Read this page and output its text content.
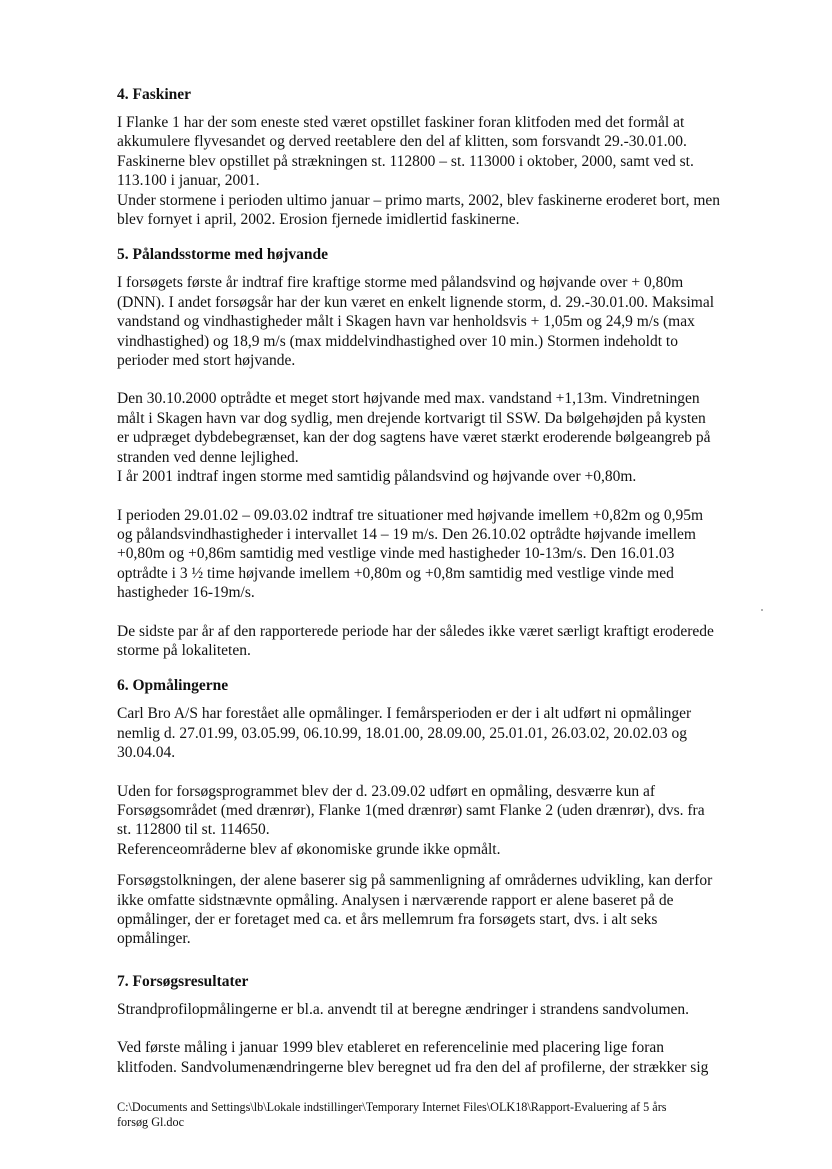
4. Faskiner

I Flanke 1 har der som eneste sted været opstillet faskiner foran klitfoden med det formål at
akkumulere flyvesandet og derved reetablere den del af klitten, som forsvandt 29.-30.01.00.
Faskinerne blev opstillet på strækningen st. 112800 – st. 113000 i oktober, 2000, samt ved st.
113.100 i januar, 2001.
Under stormene i perioden ultimo januar – primo marts, 2002, blev faskinerne eroderet bort, men
blev fornyet i april, 2002. Erosion fjernede imidlertid faskinerne.

5. Pålandsstorme med højvande

I forsøgets første år indtraf fire kraftige storme med pålandsvind og højvande over + 0,80m
(DNN). I andet forsøgsår har der kun været en enkelt lignende storm, d. 29.-30.01.00. Maksimal
vandstand og vindhastigheder målt i Skagen havn var henholdsvis + 1,05m og 24,9 m/s (max
vindhastighed) og 18,9 m/s (max middelvindhastighed over 10 min.) Stormen indeholdt to
perioder med stort højvande.

Den 30.10.2000 optrådte et meget stort højvande med max. vandstand +1,13m. Vindretningen
målt i Skagen havn var dog sydlig, men drejende kortvarigt til SSW. Da bølgehøjden på kysten
er udpræget dybdebegrænset, kan der dog sagtens have været stærkt eroderende bølgeangreb på
stranden ved denne lejlighed.
I år 2001 indtraf ingen storme med samtidig pålandsvind og højvande over +0,80m.

I perioden 29.01.02 – 09.03.02 indtraf tre situationer med højvande imellem +0,82m og 0,95m
og pålandsvindhastigheder i intervallet 14 – 19 m/s. Den 26.10.02 optrådte højvande imellem
+0,80m og +0,86m samtidig med vestlige vinde med hastigheder 10-13m/s. Den 16.01.03
optrådte i 3 ½ time højvande imellem +0,80m og +0,8m samtidig med vestlige vinde med
hastigheder 16-19m/s.

De sidste par år af den rapporterede periode har der således ikke været særligt kraftigt eroderede
storme på lokaliteten.

6. Opmålingerne

Carl Bro A/S har forestået alle opmålinger. I femårsperioden er der i alt udført ni opmålinger
nemlig d. 27.01.99, 03.05.99, 06.10.99, 18.01.00, 28.09.00, 25.01.01, 26.03.02, 20.02.03 og
30.04.04.

Uden for forsøgsprogrammet blev der d. 23.09.02 udført en opmåling, desværre kun af
Forsøgsområdet (med drænrør), Flanke 1(med drænrør) samt Flanke 2 (uden drænrør), dvs. fra
st. 112800 til st. 114650.
Referenceområderne blev af økonomiske grunde ikke opmålt.

Forsøgstolkningen, der alene baserer sig på sammenligning af områdernes udvikling, kan derfor
ikke omfatte sidstnævnte opmåling. Analysen i nærværende rapport er alene baseret på de
opmålinger, der er foretaget med ca. et års mellemrum fra forsøgets start, dvs. i alt seks
opmålinger.

7. Forsøgsresultater

Strandprofilopmålingerne er bl.a. anvendt til at beregne ændringer i strandens sandvolumen.

Ved første måling i januar 1999 blev etableret en referencelinie med placering lige foran
klitfoden. Sandvolumenændringerne blev beregnet ud fra den del af profilerne, der strækker sig

C:\Documents and Settings\lb\Lokale indstillinger\Temporary Internet Files\OLK18\Rapport-Evaluering af 5 års
forsøg Gl.doc
